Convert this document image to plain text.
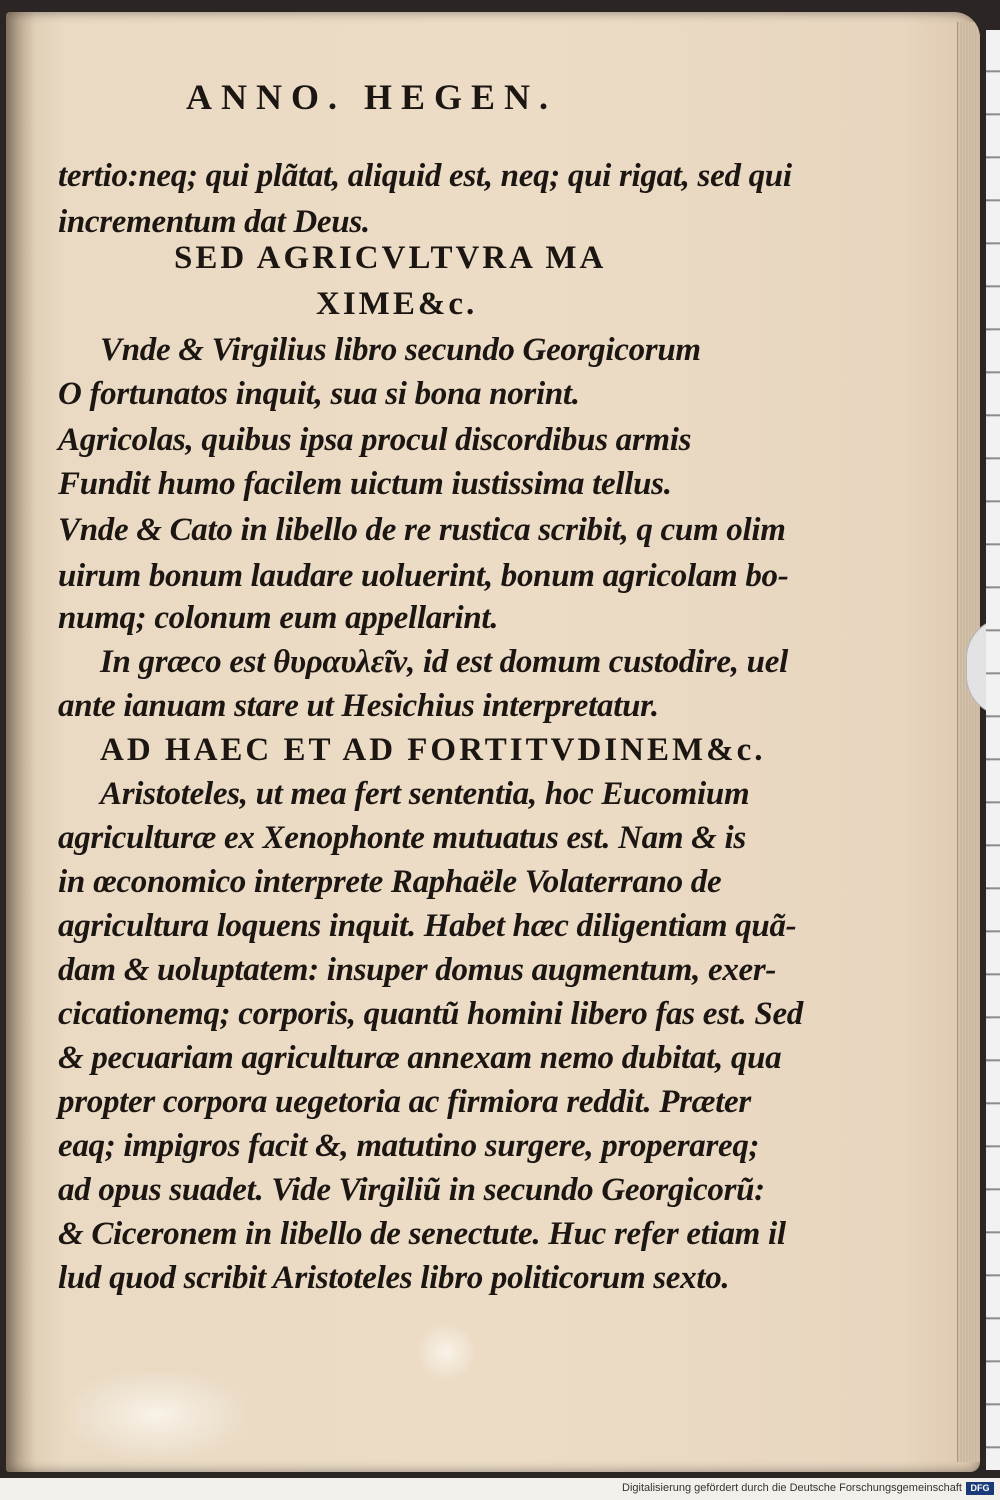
ANNO. HEGEN.
tertio:neq; qui plãtat, aliquid est, neq; qui rigat, sed qui
incrementum dat Deus.
SED AGRICVLTVRA MA
XIME&c.
Vnde & Virgilius libro secundo Georgicorum
O fortunatos inquit, sua si bona norint.
Agricolas, quibus ipsa procul discordibus armis
Fundit humo facilem uictum iustissima tellus.
Vnde & Cato in libello de re rustica scribit, q cum olim
uirum bonum laudare uoluerint, bonum agricolam bo-
numq; colonum eum appellarint.
In græco est θυραυλεῖν, id est domum custodire, uel
ante ianuam stare ut Hesichius interpretatur.
AD HAEC ET AD FORTITVDINEM&c.
Aristoteles, ut mea fert sententia, hoc Eucomium
agriculturæ ex Xenophonte mutuatus est. Nam & is
in œconomico interprete Raphaële Volaterrano de
agricultura loquens inquit. Habet hæc diligentiam quã-
dam & uoluptatem: insuper domus augmentum, exer-
cicationemq; corporis, quantũ homini libero fas est. Sed
& pecuariam agriculturæ annexam nemo dubitat, qua
propter corpora uegetoria ac firmiora reddit. Præter
eaq; impigros facit &, matutino surgere, properareq;
ad opus suadet. Vide Virgiliũ in secundo Georgicorũ:
& Ciceronem in libello de senectute. Huc refer etiam il
lud quod scribit Aristoteles libro politicorum sexto.
Digitalisierung gefördert durch die Deutsche Forschungsgemeinschaft DFG
